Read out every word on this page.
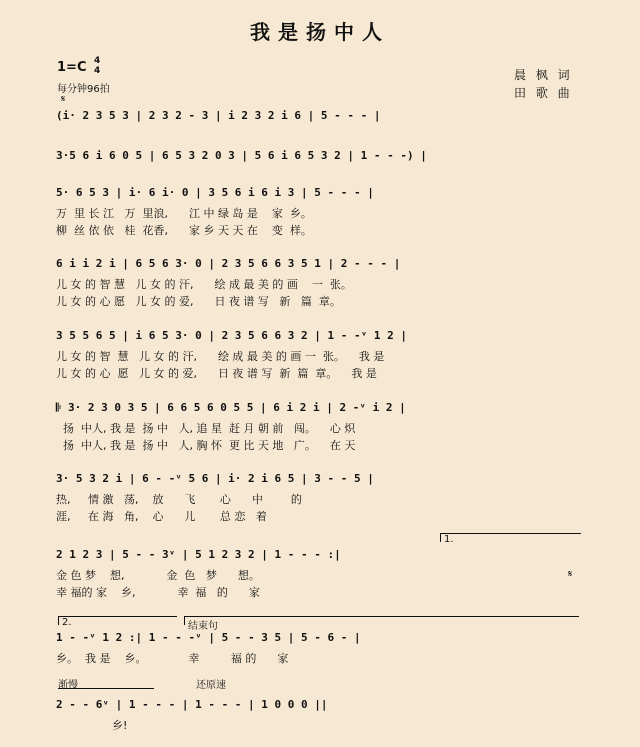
我是扬中人
晨 枫 词
田 歌 曲
1=C 4
4
每分钟96拍
𝄋
(i· 2 3 5 3 | 2 3 2 - 3 | i 2 3 2 i 6 | 5 - - - |
3·5 6 i 6 0 5 | 6 5 3 2 0 3 | 5 6 i 6 5 3 2 | 1 - - -) |
5· 6 5 3 | i· 6 i· 0 | 3 5 6 i 6 i 3 | 5 - - - |
万  里 长 江   万  里浪,      江 中 绿 岛 是    家  乡。
柳  丝 依 依   桂  花香,      家 乡 天 天 在    变  样。
6 i i 2 i | 6 5 6 3· 0 | 2 3 5 6 6 3 5 1 | 2 - - - |
儿 女 的 智 慧   儿 女 的 汗,      绘 成 最 美 的 画    一  张。
儿 女 的 心 愿   儿 女 的 爱,      日 夜 谱 写   新   篇  章。
3 5 5 6 5 | i 6 5 3· 0 | 2 3 5 6 6 3 2 | 1 - -ᵛ 1 2 |
儿 女 的 智  慧   儿 女 的 汗,      绘 成 最 美 的 画 一  张。    我 是
儿 女 的 心  愿   儿 女 的 爱,      日 夜 谱 写  新  篇  章。    我 是
𝄆 3· 2 3 0 3 5 | 6 6 5 6 0 5 5 | 6 i 2 i | 2 -ᵛ i 2 |
扬  中人, 我 是  扬 中   人, 追 星  赶 月 朝 前   闯。    心 炽
扬  中人, 我 是  扬 中   人, 胸 怀  更 比 天 地   广。    在 天
3· 5 3 2 i | 6 - -ᵛ 5 6 | i· 2 i 6 5 | 3 - - 5 |
热,     情 激   荡,    放      飞       心      中        的
涯,     在 海   角,    心      儿       总 恋   着
1.
2 1 2 3 | 5 - - 3ᵛ | 5 1 2 3 2 | 1 - - - :|
金 色 梦    想,            金  色   梦      想。
幸 福的 家    乡,            幸  福   的      家
𝄋
2.	结束句
1 - -ᵛ 1 2 :| 1 - - -ᵛ | 5 - - 3 5 | 5 - 6 - |
乡。  我 是    乡。            幸         福 的      家
渐慢	还原速
2 - - 6ᵛ | 1 - - - | 1 - - - | 1 0 0 0 ||
乡!
